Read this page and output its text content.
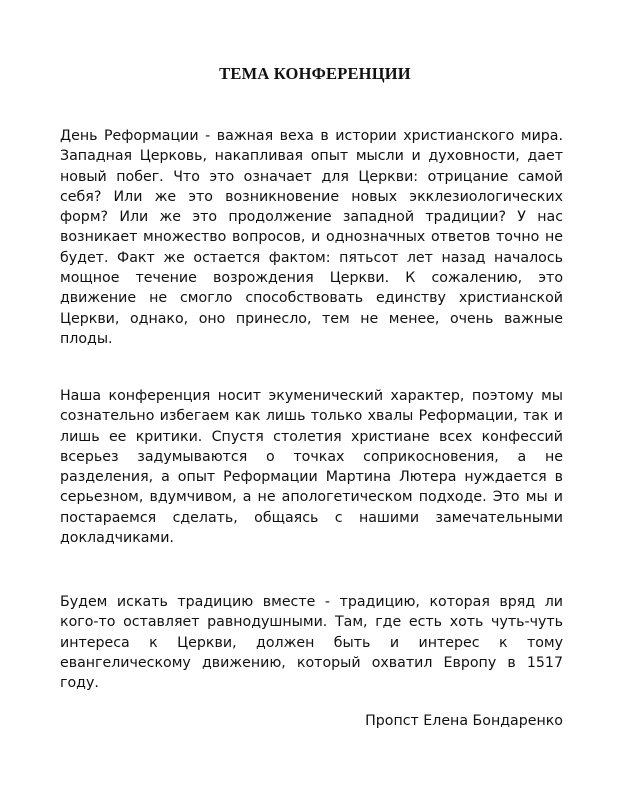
ТЕМА КОНФЕРЕНЦИИ

День Реформации - важная веха в истории христианского мира. Западная Церковь, накапливая опыт мысли и духовности, дает новый побег. Что это означает для Церкви: отрицание самой себя? Или же это возникновение новых экклезиологических форм? Или же это продолжение западной традиции? У нас возникает множество вопросов, и однозначных ответов точно не будет. Факт же остается фактом: пятьсот лет назад началось мощное течение возрождения Церкви. К сожалению, это движение не смогло способствовать единству христианской Церкви, однако, оно принесло, тем не менее, очень важные плоды.

Наша конференция носит экуменический характер, поэтому мы сознательно избегаем как лишь только хвалы Реформации, так и лишь ее критики. Спустя столетия христиане всех конфессий всерьез задумываются о точках соприкосновения, а не разделения, а опыт Реформации Мартина Лютера нуждается в серьезном, вдумчивом, а не апологетическом подходе. Это мы и постараемся сделать, общаясь с нашими замечательными докладчиками.

Будем искать традицию вместе - традицию, которая вряд ли кого-то оставляет равнодушными. Там, где есть хоть чуть-чуть интереса к Церкви, должен быть и интерес к тому евангелическому движению, который охватил Европу в 1517 году.

Пропст Елена Бондаренко
